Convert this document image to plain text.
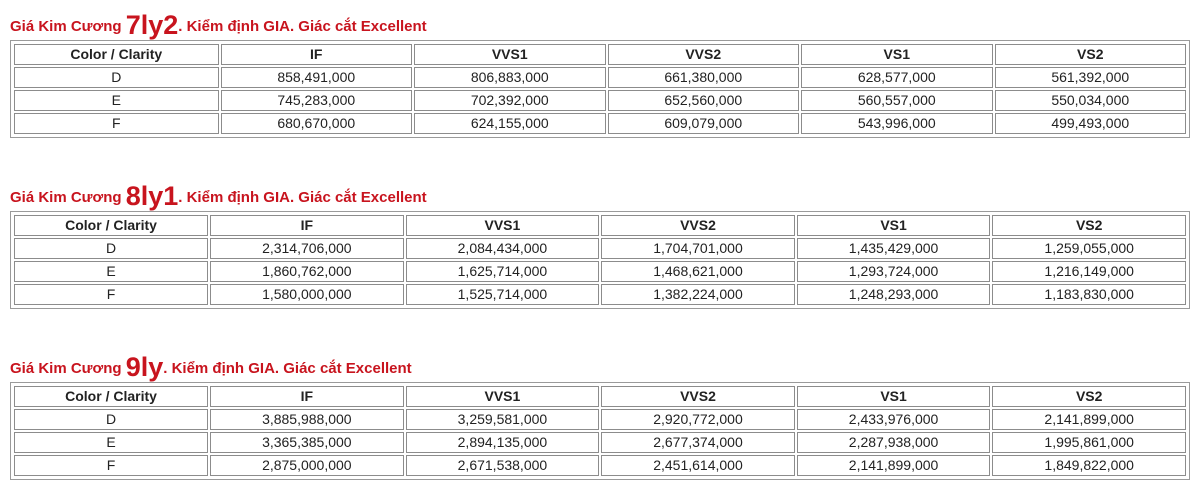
Giá Kim Cương 7ly2. Kiểm định GIA. Giác cắt Excellent
Color / Clarity	IF	VVS1	VVS2	VS1	VS2
D	858,491,000	806,883,000	661,380,000	628,577,000	561,392,000
E	745,283,000	702,392,000	652,560,000	560,557,000	550,034,000
F	680,670,000	624,155,000	609,079,000	543,996,000	499,493,000
Giá Kim Cương 8ly1. Kiểm định GIA. Giác cắt Excellent
Color / Clarity	IF	VVS1	VVS2	VS1	VS2
D	2,314,706,000	2,084,434,000	1,704,701,000	1,435,429,000	1,259,055,000
E	1,860,762,000	1,625,714,000	1,468,621,000	1,293,724,000	1,216,149,000
F	1,580,000,000	1,525,714,000	1,382,224,000	1,248,293,000	1,183,830,000
Giá Kim Cương 9ly. Kiểm định GIA. Giác cắt Excellent
Color / Clarity	IF	VVS1	VVS2	VS1	VS2
D	3,885,988,000	3,259,581,000	2,920,772,000	2,433,976,000	2,141,899,000
E	3,365,385,000	2,894,135,000	2,677,374,000	2,287,938,000	1,995,861,000
F	2,875,000,000	2,671,538,000	2,451,614,000	2,141,899,000	1,849,822,000
